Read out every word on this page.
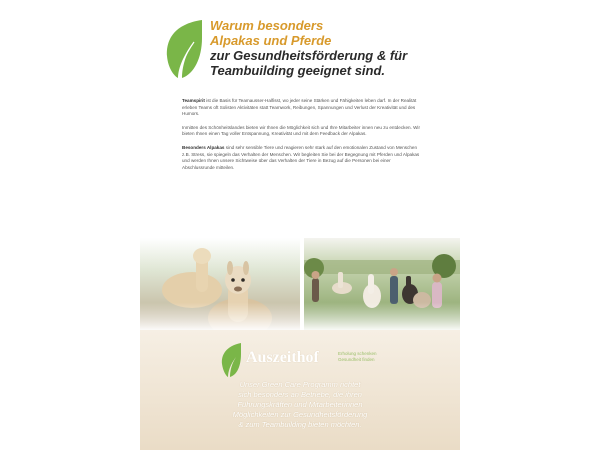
Warum besonders
Alpakas und Pferde
zur Gesundheitsförderung & für
Teambuilding geeignet sind.

Teamspirit ist die Basis für Teamausser-Halfisst, wo jeder seine Stärken und Fähigkeiten leben darf. In der Realität erleben Teams oft Solisten Aktivitäten statt Teamwork, Reibungen, Spannungen und Verlust der Kreativität und des Humors.

Inmitten des Schönheitslandes bieten wir Ihnen die Möglichkeit sich und Ihre Mitarbeiter innen neu zu entdecken. Wir bieten Ihnen einen Tag voller Entspannung, Kreativität und mit dem Feedback der Alpakas.

Besonders Alpakas sind sehr sensible Tiere und reagieren sehr stark auf den emotionalen Zustand von Menschen z.B. Stress, sie spiegeln das Verhalten der Menschen. Wir begleiten Sie bei der Begegnung mit Pferden und Alpakas und werden Ihnen unsere Sichtweise über das Verhalten der Tiere in Bezug auf die Personen bei einer Abschlussrunde mitteilen.

Auszeithof	Erholung schenken
Gesundheit finden
Unser Green Care Programm richtet
sich besonders an Betriebe, die ihren
Führungskräften und Mitarbeiterinnen
Möglichkeiten zur Gesundheitsförderung
& zum Teambuilding bieten möchten.
